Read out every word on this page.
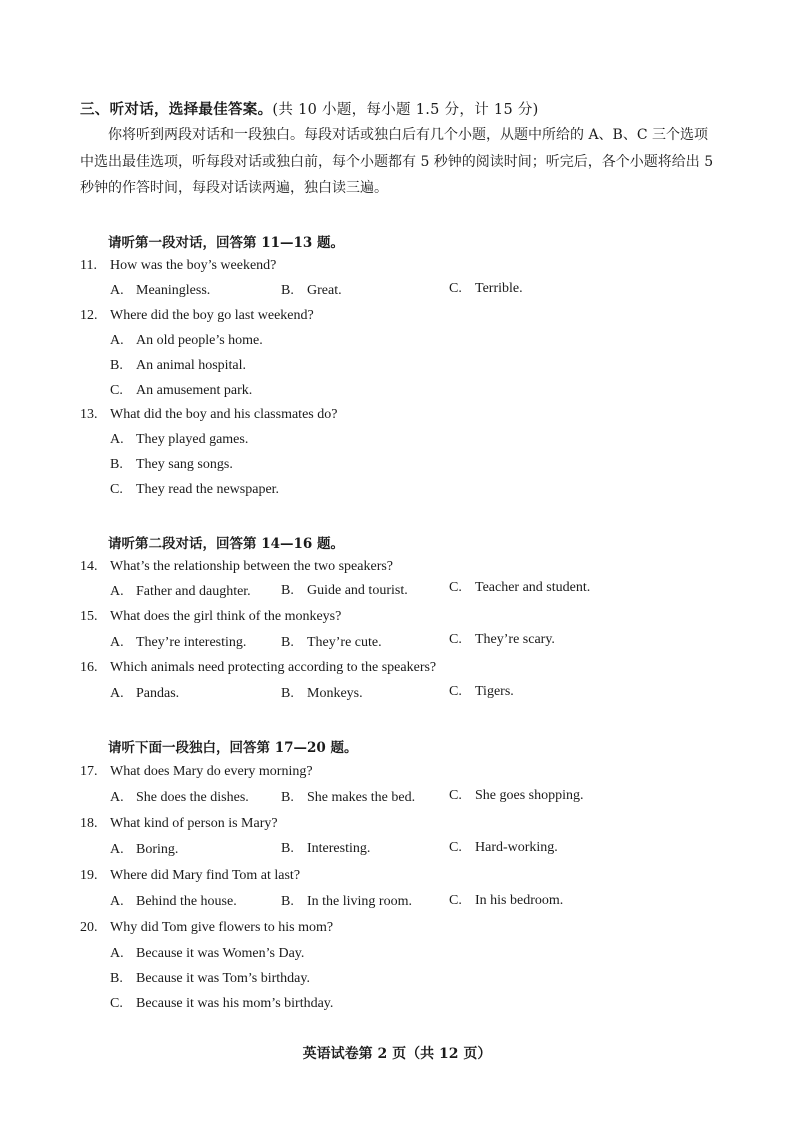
三、听对话，选择最佳答案。(共 10 小题，每小题 1.5 分，计 15 分)

你将听到两段对话和一段独白。每段对话或独白后有几个小题，从题中所给的 A、B、C 三个选项中选出最佳选项，听每段对话或独白前，每个小题都有 5 秒钟的阅读时间；听完后，各个小题将给出 5 秒钟的作答时间，每段对话读两遍，独白读三遍。

请听第一段对话，回答第 11—13 题。
11. How was the boy’s weekend?
A. Meaningless.	B. Great.	C. Terrible.
12. Where did the boy go last weekend?
A. An old people’s home.
B. An animal hospital.
C. An amusement park.
13. What did the boy and his classmates do?
A. They played games.
B. They sang songs.
C. They read the newspaper.
请听第二段对话，回答第 14—16 题。
14. What’s the relationship between the two speakers?
A. Father and daughter. B. Guide and tourist.	C. Teacher and student.
15. What does the girl think of the monkeys?
A. They’re interesting. B. They’re cute.	C. They’re scary.
16. Which animals need protecting according to the speakers?
A. Pandas.	B. Monkeys.	C. Tigers.
请听下面一段独白，回答第 17—20 题。
17. What does Mary do every morning?
A. She does the dishes. B. She makes the bed. C. She goes shopping.
18. What kind of person is Mary?
A. Boring.	B. Interesting.	C. Hard-working.
19. Where did Mary find Tom at last?
A. Behind the house.	B. In the living room.	C. In his bedroom.
20. Why did Tom give flowers to his mom?
A. Because it was Women’s Day.
B. Because it was Tom’s birthday.
C. Because it was his mom’s birthday.
英语试卷第 2 页（共 12 页）
